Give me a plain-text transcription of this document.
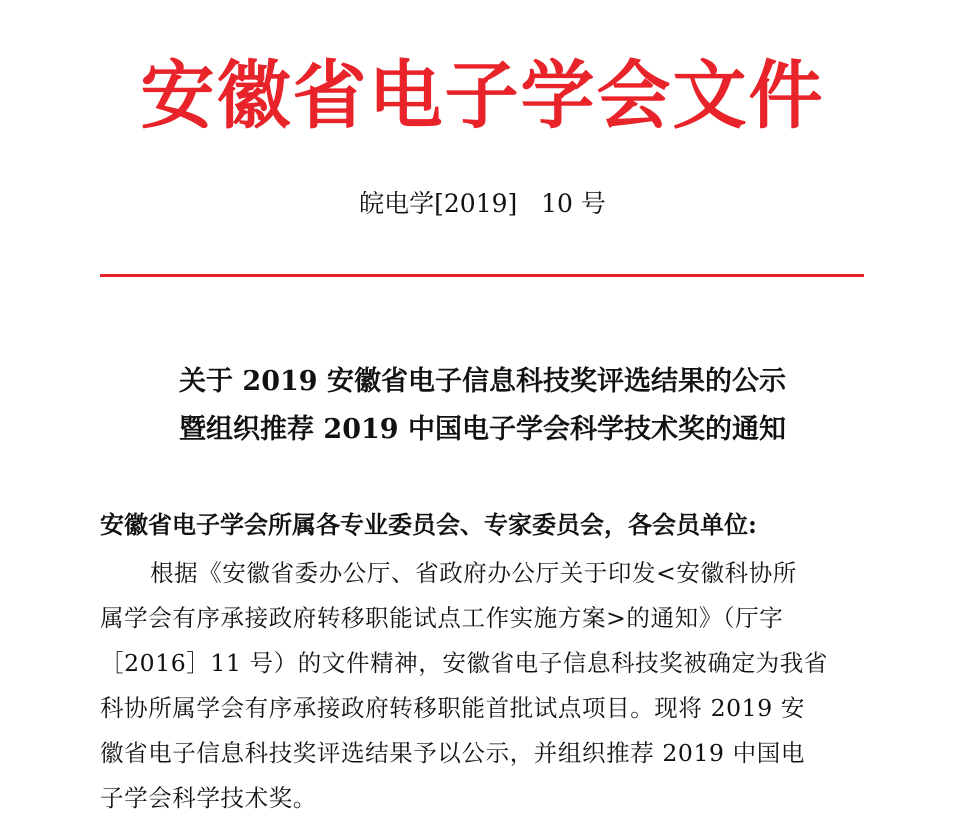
安徽省电子学会文件
皖电学[2019]   10 号
关于 2019 安徽省电子信息科技奖评选结果的公示
暨组织推荐 2019 中国电子学会科学技术奖的通知
安徽省电子学会所属各专业委员会、专家委员会，各会员单位:
根据《安徽省委办公厅、省政府办公厅关于印发<安徽科协所
属学会有序承接政府转移职能试点工作实施方案>的通知》（厅字
［2016］11 号）的文件精神，安徽省电子信息科技奖被确定为我省
科协所属学会有序承接政府转移职能首批试点项目。现将 2019 安
徽省电子信息科技奖评选结果予以公示，并组织推荐 2019 中国电
子学会科学技术奖。
